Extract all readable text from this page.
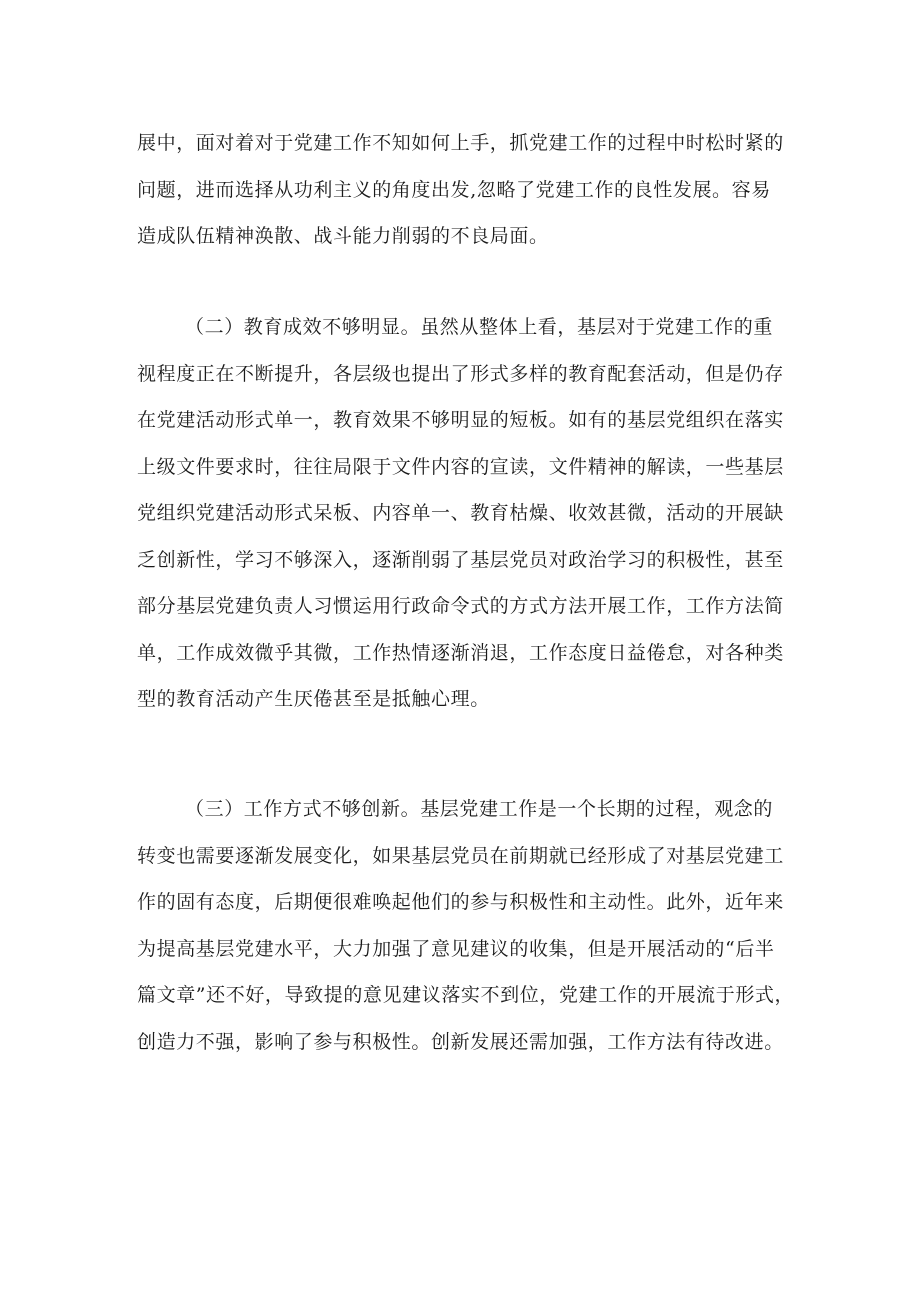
展中，面对着对于党建工作不知如何上手，抓党建工作的过程中时松时紧的
问题，进而选择从功利主义的角度出发,忽略了党建工作的良性发展。容易
造成队伍精神涣散、战斗能力削弱的不良局面。
（二）教育成效不够明显。虽然从整体上看，基层对于党建工作的重
视程度正在不断提升，各层级也提出了形式多样的教育配套活动，但是仍存
在党建活动形式单一，教育效果不够明显的短板。如有的基层党组织在落实
上级文件要求时，往往局限于文件内容的宣读，文件精神的解读，一些基层
党组织党建活动形式呆板、内容单一、教育枯燥、收效甚微，活动的开展缺
乏创新性，学习不够深入，逐渐削弱了基层党员对政治学习的积极性，甚至
部分基层党建负责人习惯运用行政命令式的方式方法开展工作，工作方法简
单，工作成效微乎其微，工作热情逐渐消退，工作态度日益倦怠，对各种类
型的教育活动产生厌倦甚至是抵触心理。
（三）工作方式不够创新。基层党建工作是一个长期的过程，观念的
转变也需要逐渐发展变化，如果基层党员在前期就已经形成了对基层党建工
作的固有态度，后期便很难唤起他们的参与积极性和主动性。此外，近年来
为提高基层党建水平，大力加强了意见建议的收集，但是开展活动的“后半
篇文章”还不好，导致提的意见建议落实不到位，党建工作的开展流于形式，
创造力不强，影响了参与积极性。创新发展还需加强，工作方法有待改进。
